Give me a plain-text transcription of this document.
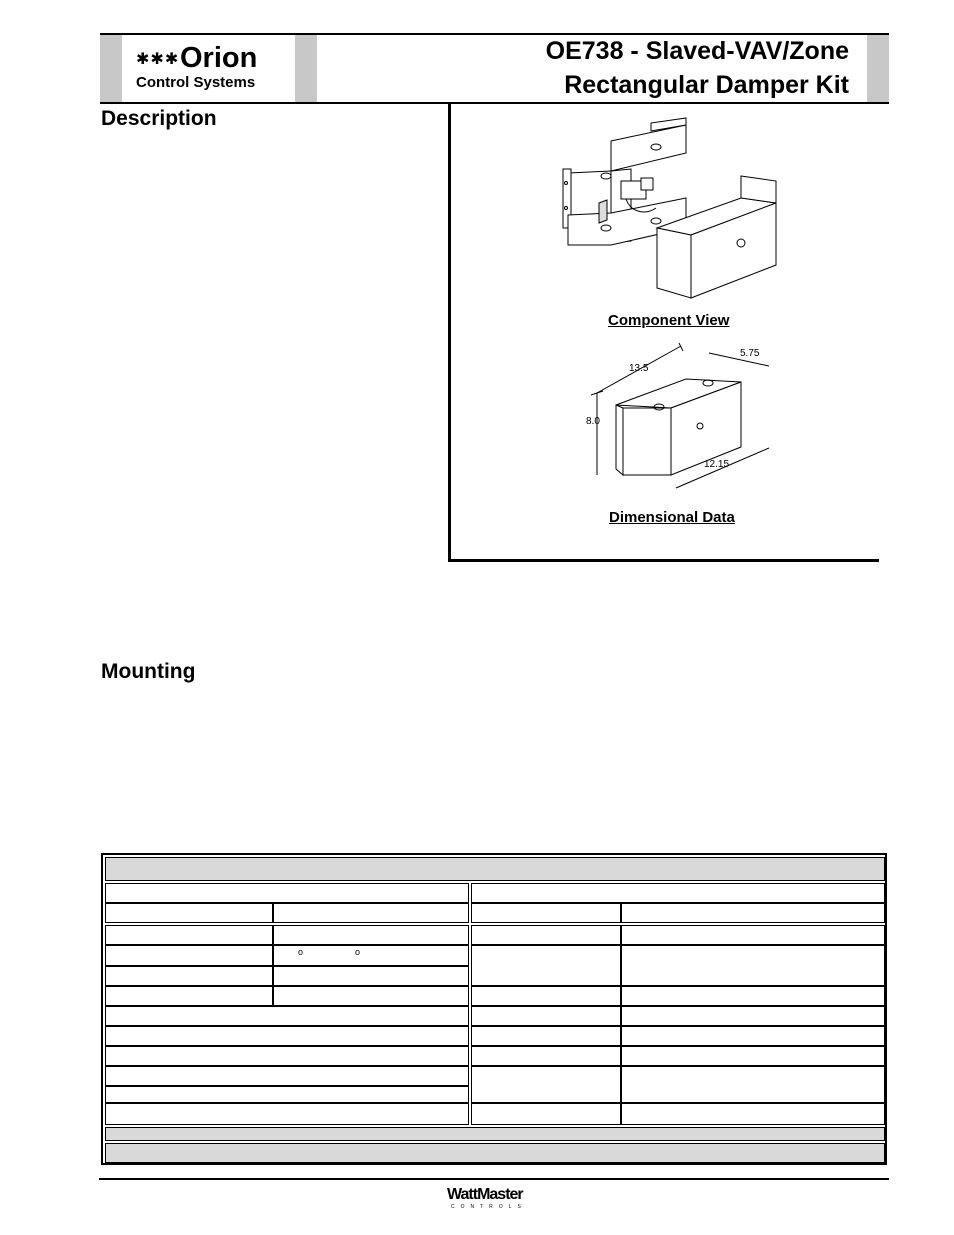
✱✱✱ Orion
Control Systems
OE738 - Slaved-VAV/Zone
Rectangular Damper Kit
Description
Mounting
Component View
13.5
5.75
8.0
12.15
Dimensional Data
o	o
WattMaster
CONTROLS
